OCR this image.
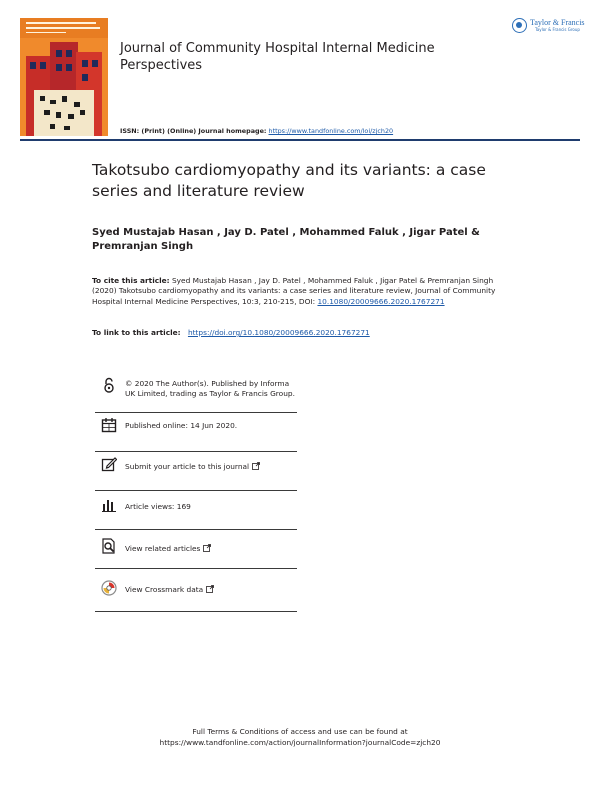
Taylor & Francis
Taylor & Francis Group
Journal of Community Hospital Internal Medicine Perspectives
ISSN: (Print) (Online) Journal homepage: https://www.tandfonline.com/loi/zjch20
Takotsubo cardiomyopathy and its variants: a case series and literature review
Syed Mustajab Hasan , Jay D. Patel , Mohammed Faluk , Jigar Patel & Premranjan Singh
To cite this article: Syed Mustajab Hasan , Jay D. Patel , Mohammed Faluk , Jigar Patel & Premranjan Singh (2020) Takotsubo cardiomyopathy and its variants: a case series and literature review, Journal of Community Hospital Internal Medicine Perspectives, 10:3, 210-215, DOI: 10.1080/20009666.2020.1767271
To link to this article: https://doi.org/10.1080/20009666.2020.1767271
© 2020 The Author(s). Published by Informa UK Limited, trading as Taylor & Francis Group.
Published online: 14 Jun 2020.
Submit your article to this journal
Article views: 169
View related articles
View Crossmark data
Full Terms & Conditions of access and use can be found at
https://www.tandfonline.com/action/journalInformation?journalCode=zjch20
